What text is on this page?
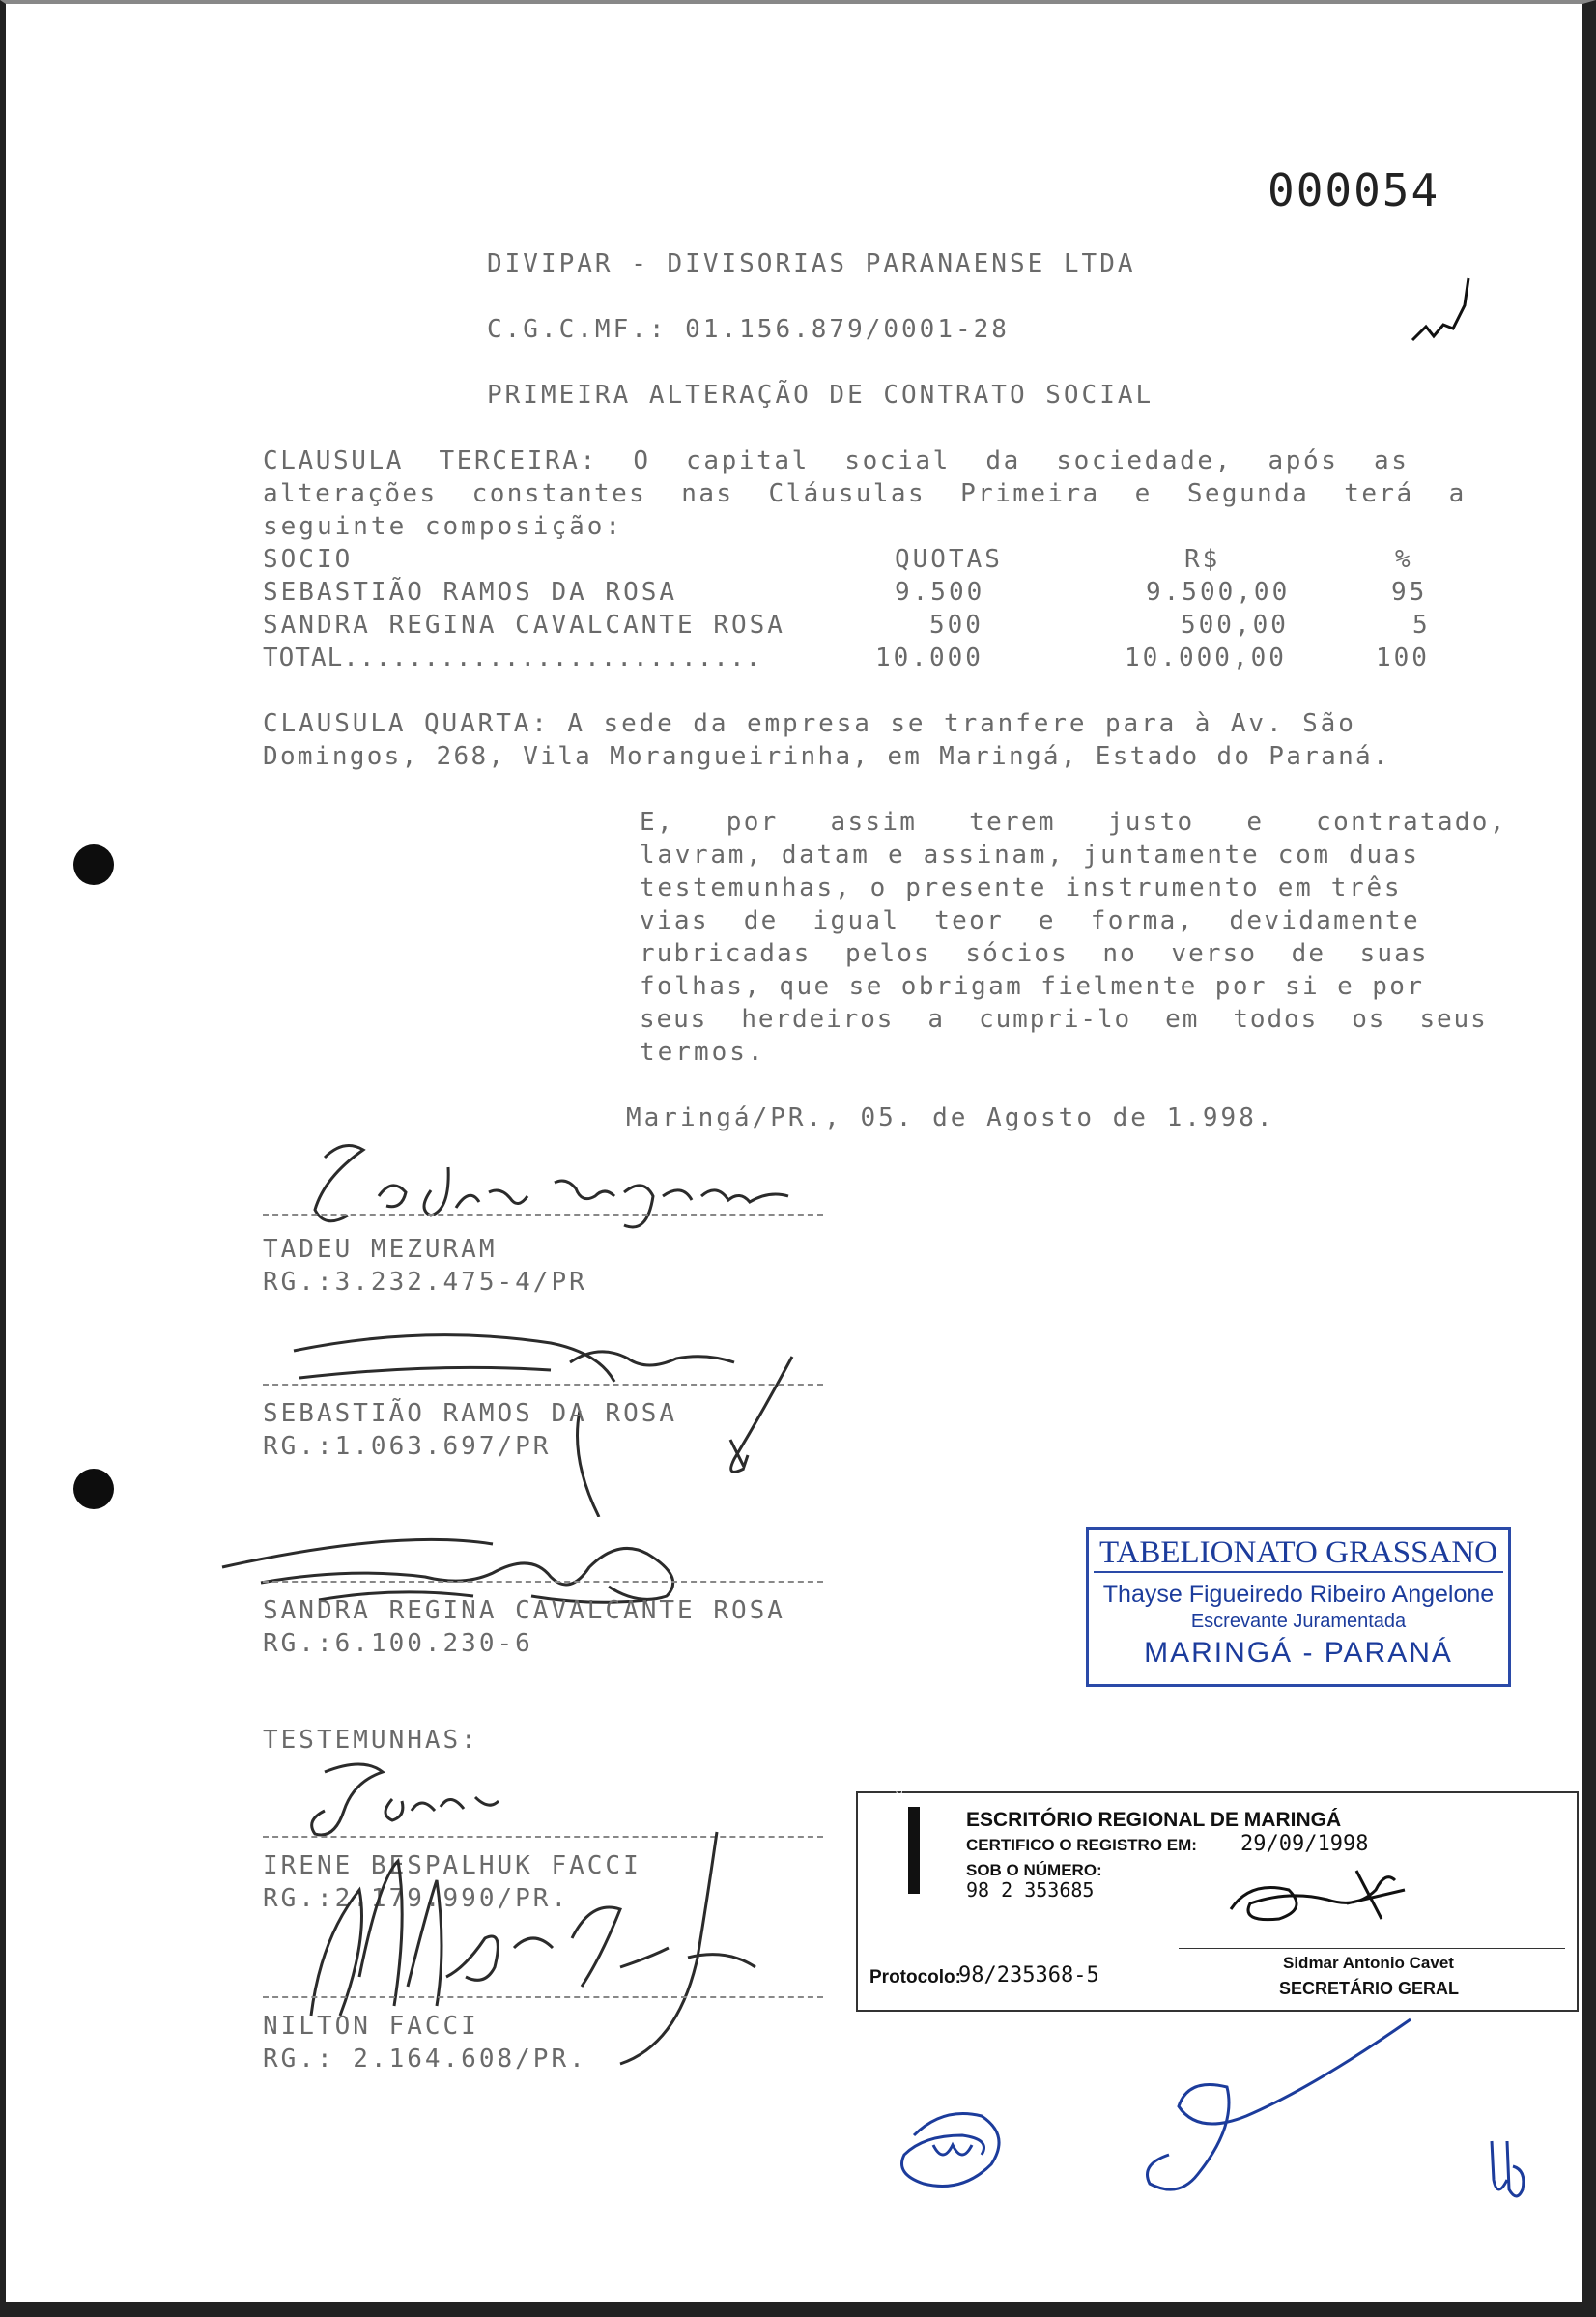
000054
DIVIPAR - DIVISORIAS PARANAENSE LTDA
C.G.C.MF.: 01.156.879/0001-28
PRIMEIRA ALTERAÇÃO DE CONTRATO SOCIAL
CLAUSULA  TERCEIRA:  O  capital  social  da  sociedade,  após  as
alterações  constantes  nas  Cláusulas  Primeira  e  Segunda  terá  a
seguinte composição:
SOCIO	QUOTAS	R$	%
SEBASTIÃO RAMOS DA ROSA	9.500	9.500,00	95
SANDRA REGINA CAVALCANTE ROSA	500	500,00	5
TOTAL..........................	10.000	10.000,00	100
CLAUSULA QUARTA: A sede da empresa se tranfere para à Av. São
Domingos, 268, Vila Morangueirinha, em Maringá, Estado do Paraná.
E,   por   assim   terem   justo   e   contratado,
lavram, datam e assinam, juntamente com duas
testemunhas, o presente instrumento em três
vias  de  igual  teor  e  forma,  devidamente
rubricadas  pelos  sócios  no  verso  de  suas
folhas, que se obrigam fielmente por si e por
seus  herdeiros  a  cumpri-lo  em  todos  os  seus
termos.
Maringá/PR., 05. de Agosto de 1.998.
TADEU MEZURAM
RG.:3.232.475-4/PR
SEBASTIÃO RAMOS DA ROSA
RG.:1.063.697/PR
SANDRA REGINA CAVALCANTE ROSA
RG.:6.100.230-6
TESTEMUNHAS:
IRENE BESPALHUK FACCI
RG.:2.179.990/PR.
NILTON FACCI
RG.: 2.164.608/PR.
TABELIONATO GRASSANO
Thayse Figueiredo Ribeiro Angelone
Escrevante Juramentada
MARINGÁ - PARANÁ
JUNTA COMERCIAL	ESCRITÓRIO REGIONAL DE MARINGÁ
CERTIFICO O REGISTRO EM: 29/09/1998
SOB O NÚMERO:
98 2 353685
Protocolo:
98/235368-5
Sidmar Antonio Cavet
SECRETÁRIO GERAL
